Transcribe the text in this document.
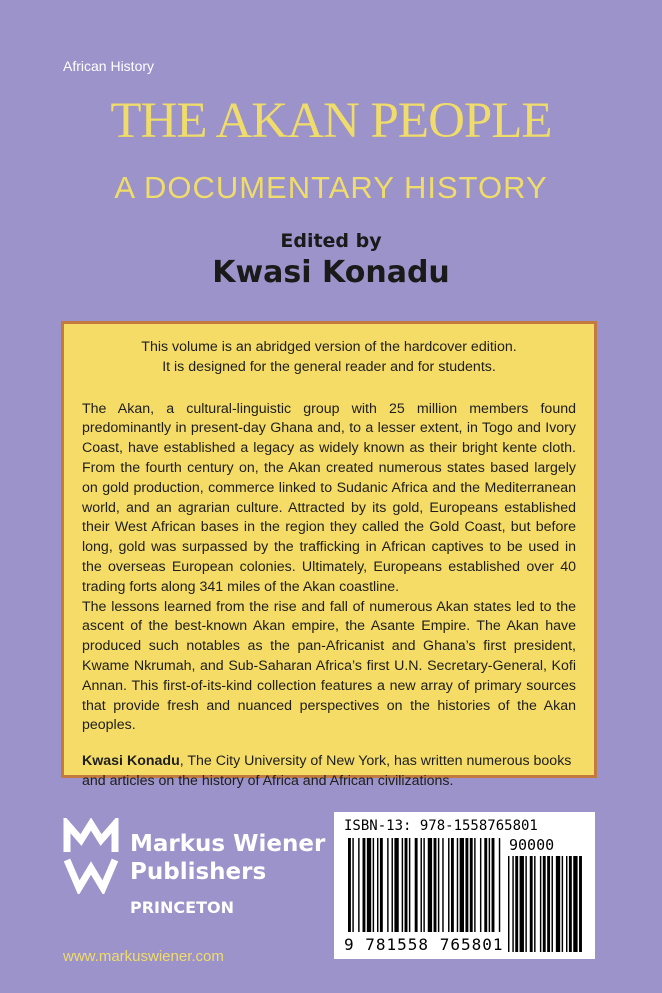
African History
THE AKAN PEOPLE
A DOCUMENTARY HISTORY
Edited by
Kwasi Konadu

This volume is an abridged version of the hardcover edition.
It is designed for the general reader and for students.

The Akan, a cultural-linguistic group with 25 million members found predominantly in present-day Ghana and, to a lesser extent, in Togo and Ivory Coast, have established a legacy as widely known as their bright kente cloth. From the fourth century on, the Akan created numerous states based largely on gold production, commerce linked to Sudanic Africa and the Mediterranean world, and an agrarian culture. Attracted by its gold, Europeans established their West African bases in the region they called the Gold Coast, but before long, gold was surpassed by the trafficking in African captives to be used in the overseas European colonies. Ultimately, Europeans established over 40 trading forts along 341 miles of the Akan coastline.

The lessons learned from the rise and fall of numerous Akan states led to the ascent of the best-known Akan empire, the Asante Empire. The Akan have produced such notables as the pan-Africanist and Ghana’s first president, Kwame Nkrumah, and Sub-Saharan Africa’s first U.N. Secretary-General, Kofi Annan. This first-of-its-kind collection features a new array of primary sources that provide fresh and nuanced perspectives on the histories of the Akan peoples.

Kwasi Konadu, The City University of New York, has written numerous books and articles on the history of Africa and African civilizations.

Markus Wiener
Publishers
PRINCETON
www.markuswiener.com
ISBN-13: 978-1558765801
90000
9 781558 765801
